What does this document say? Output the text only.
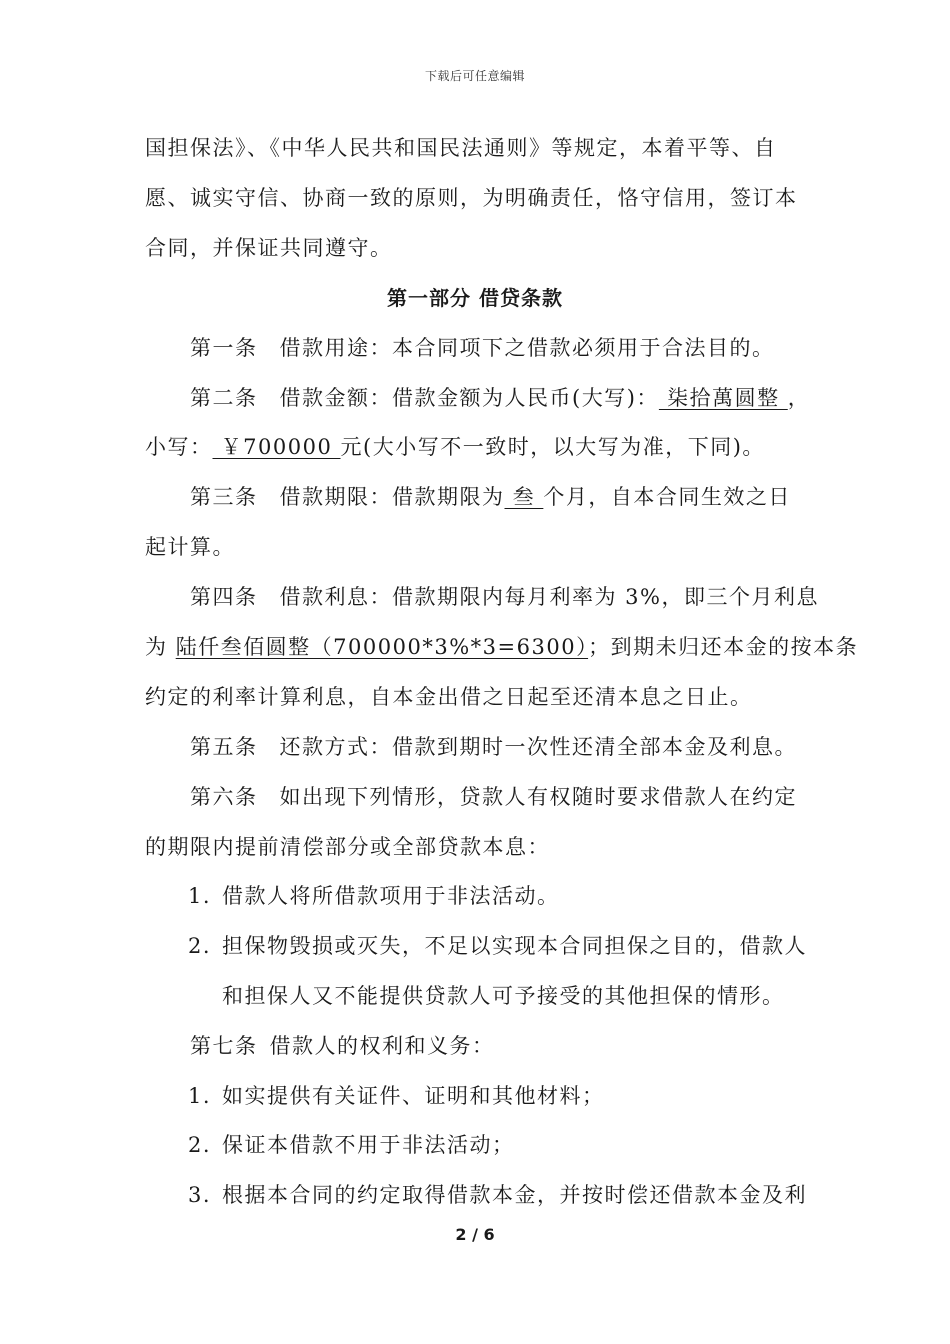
下载后可任意编辑
国担保法》、《中华人民共和国民法通则》等规定，本着平等、自
愿、诚实守信、协商一致的原则，为明确责任，恪守信用，签订本
合同，并保证共同遵守。
第一部分 借贷条款
第一条 借款用途：本合同项下之借款必须用于合法目的。
第二条 借款金额：借款金额为人民币(大写)： 柒拾萬圆整 ，
小写： ￥700000 元(大小写不一致时，以大写为准，下同)。
第三条 借款期限：借款期限为 叁 个月，自本合同生效之日
起计算。
第四条 借款利息：借款期限内每月利率为 3%，即三个月利息
为 陆仟叁佰圆整（700000*3%*3=6300）；到期未归还本金的按本条
约定的利率计算利息，自本金出借之日起至还清本息之日止。
第五条 还款方式：借款到期时一次性还清全部本金及利息。
第六条 如出现下列情形，贷款人有权随时要求借款人在约定
的期限内提前清偿部分或全部贷款本息：
1. 借款人将所借款项用于非法活动。
2. 担保物毁损或灭失，不足以实现本合同担保之目的，借款人
和担保人又不能提供贷款人可予接受的其他担保的情形。
第七条 借款人的权利和义务：
1. 如实提供有关证件、证明和其他材料；
2. 保证本借款不用于非法活动；
3. 根据本合同的约定取得借款本金，并按时偿还借款本金及利
2 / 6
